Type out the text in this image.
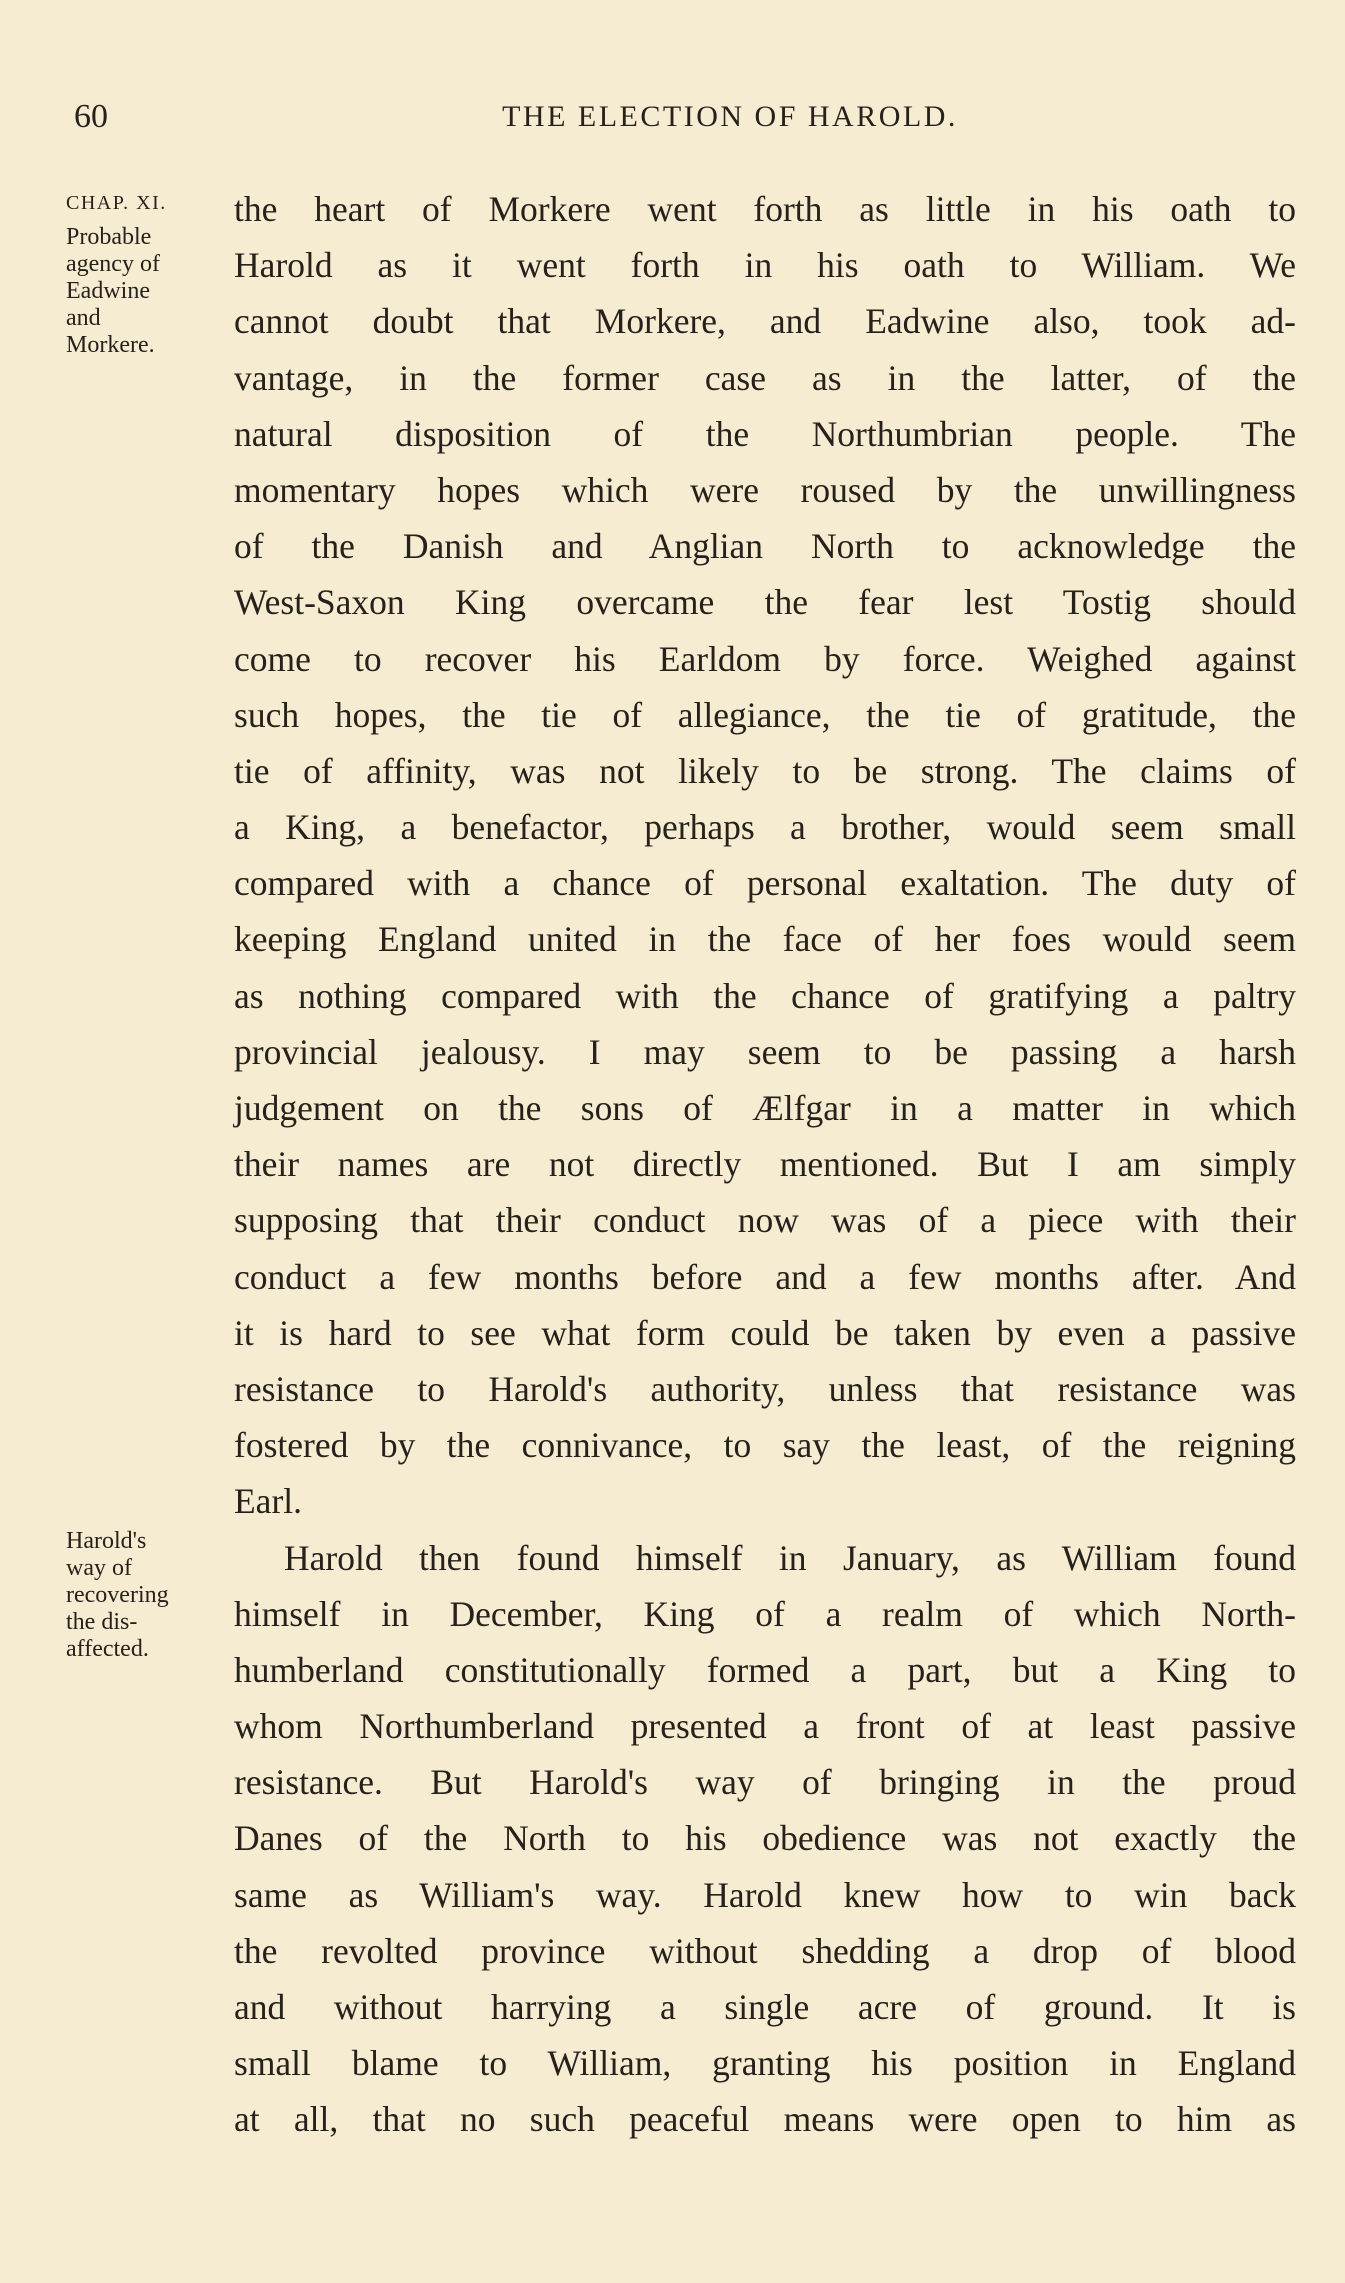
60	THE ELECTION OF HAROLD.
CHAP. XI.
Probable
agency of
Eadwine
and
Morkere.
Harold's
way of
recovering
the dis-
affected.
the heart of Morkere went forth as little in his oath to
Harold as it went forth in his oath to William. We
cannot doubt that Morkere, and Eadwine also, took ad-
vantage, in the former case as in the latter, of the
natural disposition of the Northumbrian people. The
momentary hopes which were roused by the unwillingness
of the Danish and Anglian North to acknowledge the
West-Saxon King overcame the fear lest Tostig should
come to recover his Earldom by force. Weighed against
such hopes, the tie of allegiance, the tie of gratitude, the
tie of affinity, was not likely to be strong. The claims of
a King, a benefactor, perhaps a brother, would seem small
compared with a chance of personal exaltation. The duty of
keeping England united in the face of her foes would seem
as nothing compared with the chance of gratifying a paltry
provincial jealousy. I may seem to be passing a harsh
judgement on the sons of Ælfgar in a matter in which
their names are not directly mentioned. But I am simply
supposing that their conduct now was of a piece with their
conduct a few months before and a few months after. And
it is hard to see what form could be taken by even a passive
resistance to Harold's authority, unless that resistance was
fostered by the connivance, to say the least, of the reigning
Earl.
Harold then found himself in January, as William found
himself in December, King of a realm of which North-
humberland constitutionally formed a part, but a King to
whom Northumberland presented a front of at least passive
resistance. But Harold's way of bringing in the proud
Danes of the North to his obedience was not exactly the
same as William's way. Harold knew how to win back
the revolted province without shedding a drop of blood
and without harrying a single acre of ground. It is
small blame to William, granting his position in England
at all, that no such peaceful means were open to him as
